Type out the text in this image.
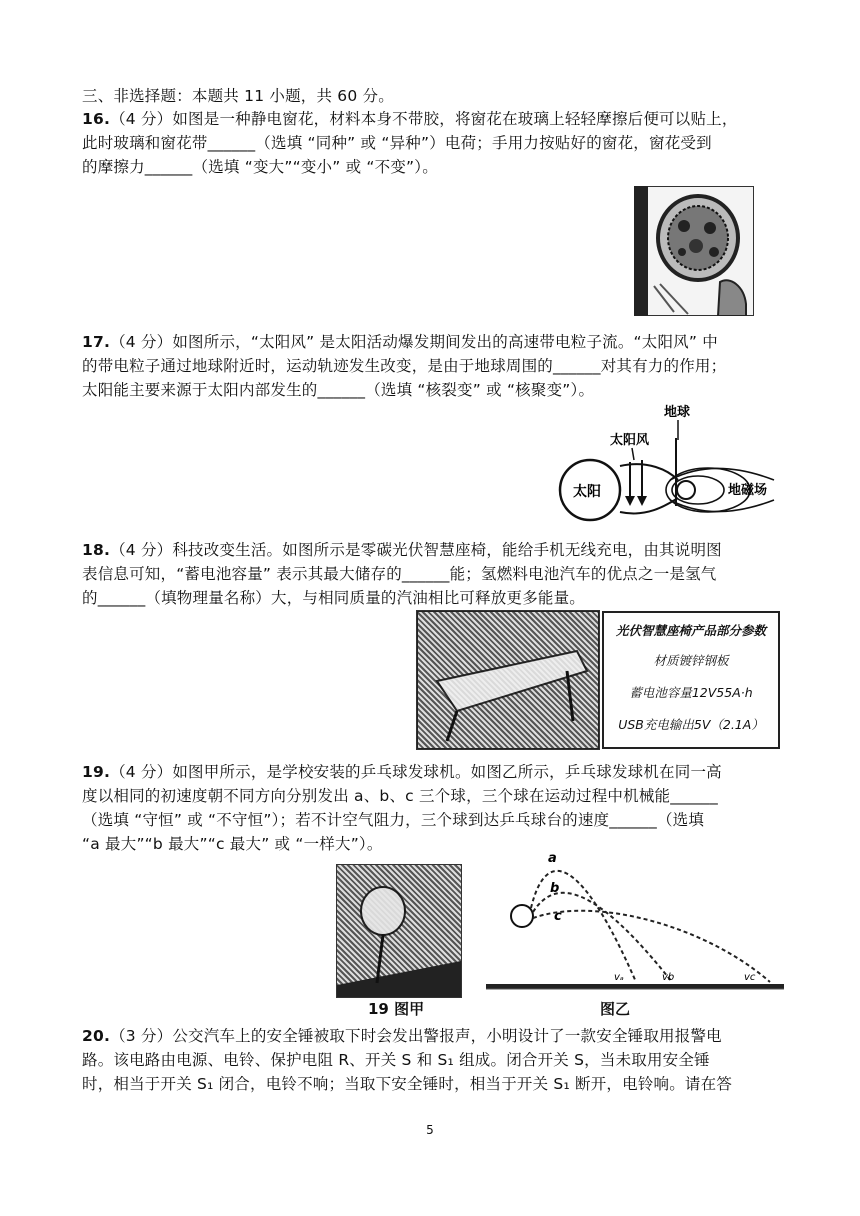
三、非选择题：本题共 11 小题，共 60 分。
16.（4 分）如图是一种静电窗花，材料本身不带胶，将窗花在玻璃上轻轻摩擦后便可以贴上，
此时玻璃和窗花带______（选填 “同种” 或 “异种”）电荷；手用力按贴好的窗花，窗花受到
的摩擦力______（选填 “变大”“变小” 或 “不变”）。
17.（4 分）如图所示，“太阳风” 是太阳活动爆发期间发出的高速带电粒子流。“太阳风” 中
的带电粒子通过地球附近时，运动轨迹发生改变，是由于地球周围的______对其有力的作用；
太阳能主要来源于太阳内部发生的______（选填 “核裂变” 或 “核聚变”）。
太阳
太阳风
地球
地磁场
18.（4 分）科技改变生活。如图所示是零碳光伏智慧座椅，能给手机无线充电，由其说明图
表信息可知，“蓄电池容量” 表示其最大储存的______能；氢燃料电池汽车的优点之一是氢气
的______（填物理量名称）大，与相同质量的汽油相比可释放更多能量。
光伏智慧座椅产品部分参数
材质镀锌钢板
蓄电池容量12V55A·h
USB充电输出5V（2.1A）
19.（4 分）如图甲所示，是学校安装的乒乓球发球机。如图乙所示，乒乓球发球机在同一高
度以相同的初速度朝不同方向分别发出 a、b、c 三个球，三个球在运动过程中机械能______
（选填 “守恒” 或 “不守恒”）；若不计空气阻力，三个球到达乒乓球台的速度______（选填
“a 最大”“b 最大”“c 最大” 或 “一样大”）。
19 图甲
a
b
c
vₐ	vb	vc
图乙
20.（3 分）公交汽车上的安全锤被取下时会发出警报声，小明设计了一款安全锤取用报警电
路。该电路由电源、电铃、保护电阻 R、开关 S 和 S₁ 组成。闭合开关 S，当未取用安全锤
时，相当于开关 S₁ 闭合，电铃不响；当取下安全锤时，相当于开关 S₁ 断开，电铃响。请在答
5
